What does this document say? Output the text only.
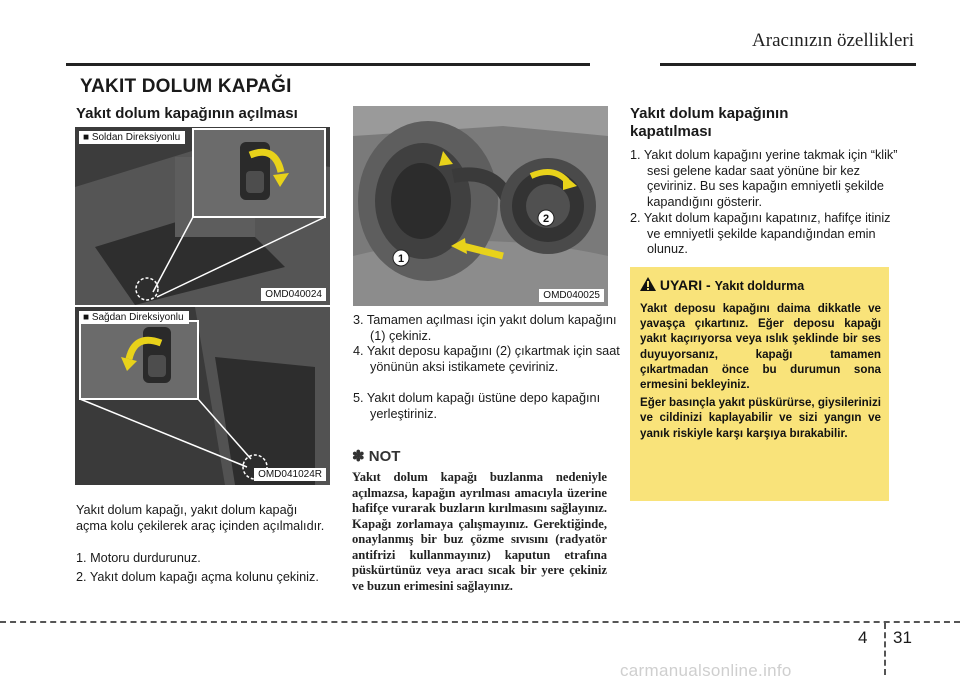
Aracınızın özellikleri
YAKIT DOLUM KAPAĞI
Yakıt dolum kapağının açılması
■ Soldan Direksiyonlu
OMD040024
■ Sağdan Direksiyonlu
OMD041024R
Yakıt dolum kapağı, yakıt dolum kapağı açma kolu çekilerek araç içinden açılmalıdır.
1. Motoru durdurunuz.
2. Yakıt dolum kapağı açma kolunu çekiniz.
1
2
OMD040025
3. Tamamen açılması için yakıt dolum kapağını (1) çekiniz.
4. Yakıt deposu kapağını (2) çıkartmak için saat yönünün aksi istikamete çeviriniz.
5. Yakıt dolum kapağı üstüne depo kapağını yerleştiriniz.
✽ NOT
Yakıt dolum kapağı buzlanma nedeniyle açılmazsa, kapağın ayrılması amacıyla üzerine hafifçe vurarak buzların kırılmasını sağlayınız. Kapağı zorlamaya çalışmayınız. Gerektiğinde, onaylanmış bir buz çözme sıvısını (radyatör antifrizi kullanmayınız) kaputun etrafına püskürtünüz veya aracı sıcak bir yere çekiniz ve buzun erimesini sağlayınız.
Yakıt dolum kapağının kapatılması
1. Yakıt dolum kapağını yerine takmak için “klik” sesi gelene kadar saat yönüne bir kez çeviriniz. Bu ses kapağın emniyetli şekilde kapandığını gösterir.
2. Yakıt dolum kapağını kapatınız, hafifçe itiniz ve emniyetli şekilde kapandığından emin olunuz.
UYARI - Yakıt doldurma
Yakıt deposu kapağını daima dikkatle ve yavaşça çıkartınız. Eğer deposu kapağı yakıt kaçırıyorsa veya ıslık şeklinde bir ses duyuyorsanız, kapağı tamamen çıkartmadan önce bu durumun sona ermesini bekleyiniz.
Eğer basınçla yakıt püskürürse, giysilerinizi ve cildinizi kaplayabilir ve sizi yangın ve yanık riskiyle karşı karşıya bırakabilir.
4 31
carmanualsonline.info
